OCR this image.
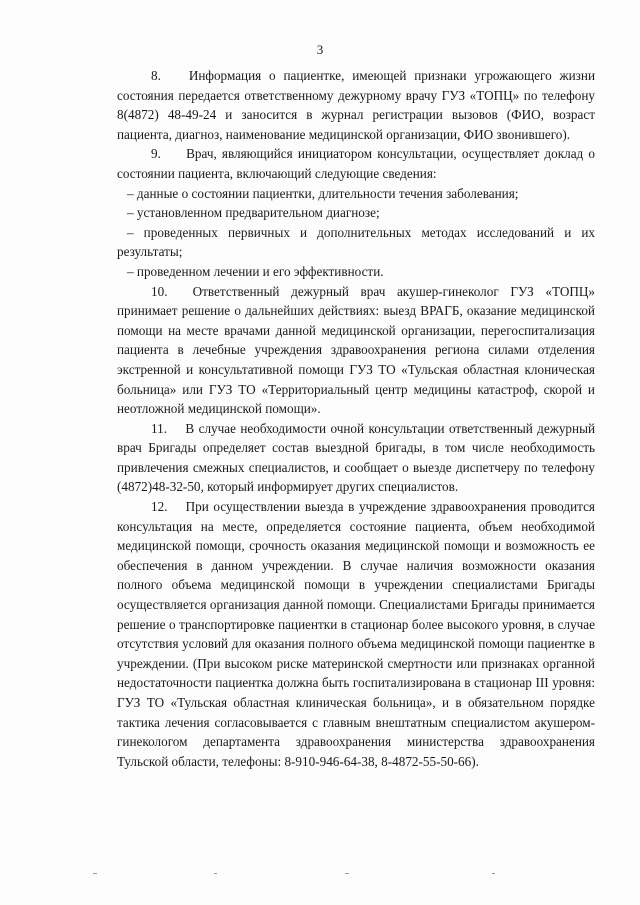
3

8. Информация о пациентке, имеющей признаки угрожающего жизни состояния передается ответственному дежурному врачу ГУЗ «ТОПЦ» по телефону 8(4872) 48-49-24 и заносится в журнал регистрации вызовов (ФИО, возраст пациента, диагноз, наименование медицинской организации, ФИО звонившего).

9. Врач, являющийся инициатором консультации, осуществляет доклад о состоянии пациента, включающий следующие сведения:

– данные о состоянии пациентки, длительности течения заболевания;

– установленном предварительном диагнозе;

– проведенных первичных и дополнительных методах исследований и их результаты;

– проведенном лечении и его эффективности.

10. Ответственный дежурный врач акушер-гинеколог ГУЗ «ТОПЦ» принимает решение о дальнейших действиях: выезд ВРАГБ, оказание медицинской помощи на месте врачами данной медицинской организации, перегоспитализация пациента в лечебные учреждения здравоохранения региона силами отделения экстренной и консультативной помощи ГУЗ ТО «Тульская областная клоническая больница» или ГУЗ ТО «Территориальный центр медицины катастроф, скорой и неотложной медицинской помощи».

11. В случае необходимости очной консультации ответственный дежурный врач Бригады определяет состав выездной бригады, в том числе необходимость привлечения смежных специалистов, и сообщает о выезде диспетчеру по телефону (4872)48-32-50, который информирует других специалистов.

12. При осуществлении выезда в учреждение здравоохранения проводится консультация на месте, определяется состояние пациента, объем необходимой медицинской помощи, срочность оказания медицинской помощи и возможность ее обеспечения в данном учреждении. В случае наличия возможности оказания полного объема медицинской помощи в учреждении специалистами Бригады осуществляется организация данной помощи. Специалистами Бригады принимается решение о транспортировке пациентки в стационар более высокого уровня, в случае отсутствия условий для оказания полного объема медицинской помощи пациентке в учреждении. (При высоком риске материнской смертности или признаках органной недостаточности пациентка должна быть госпитализирована в стационар III уровня: ГУЗ ТО «Тульская областная клиническая больница», и в обязательном порядке тактика лечения согласовывается с главным внештатным специалистом акушером-гинекологом департамента здравоохранения министерства здравоохранения Тульской области, телефоны: 8-910-946-64-38, 8-4872-55-50-66).
